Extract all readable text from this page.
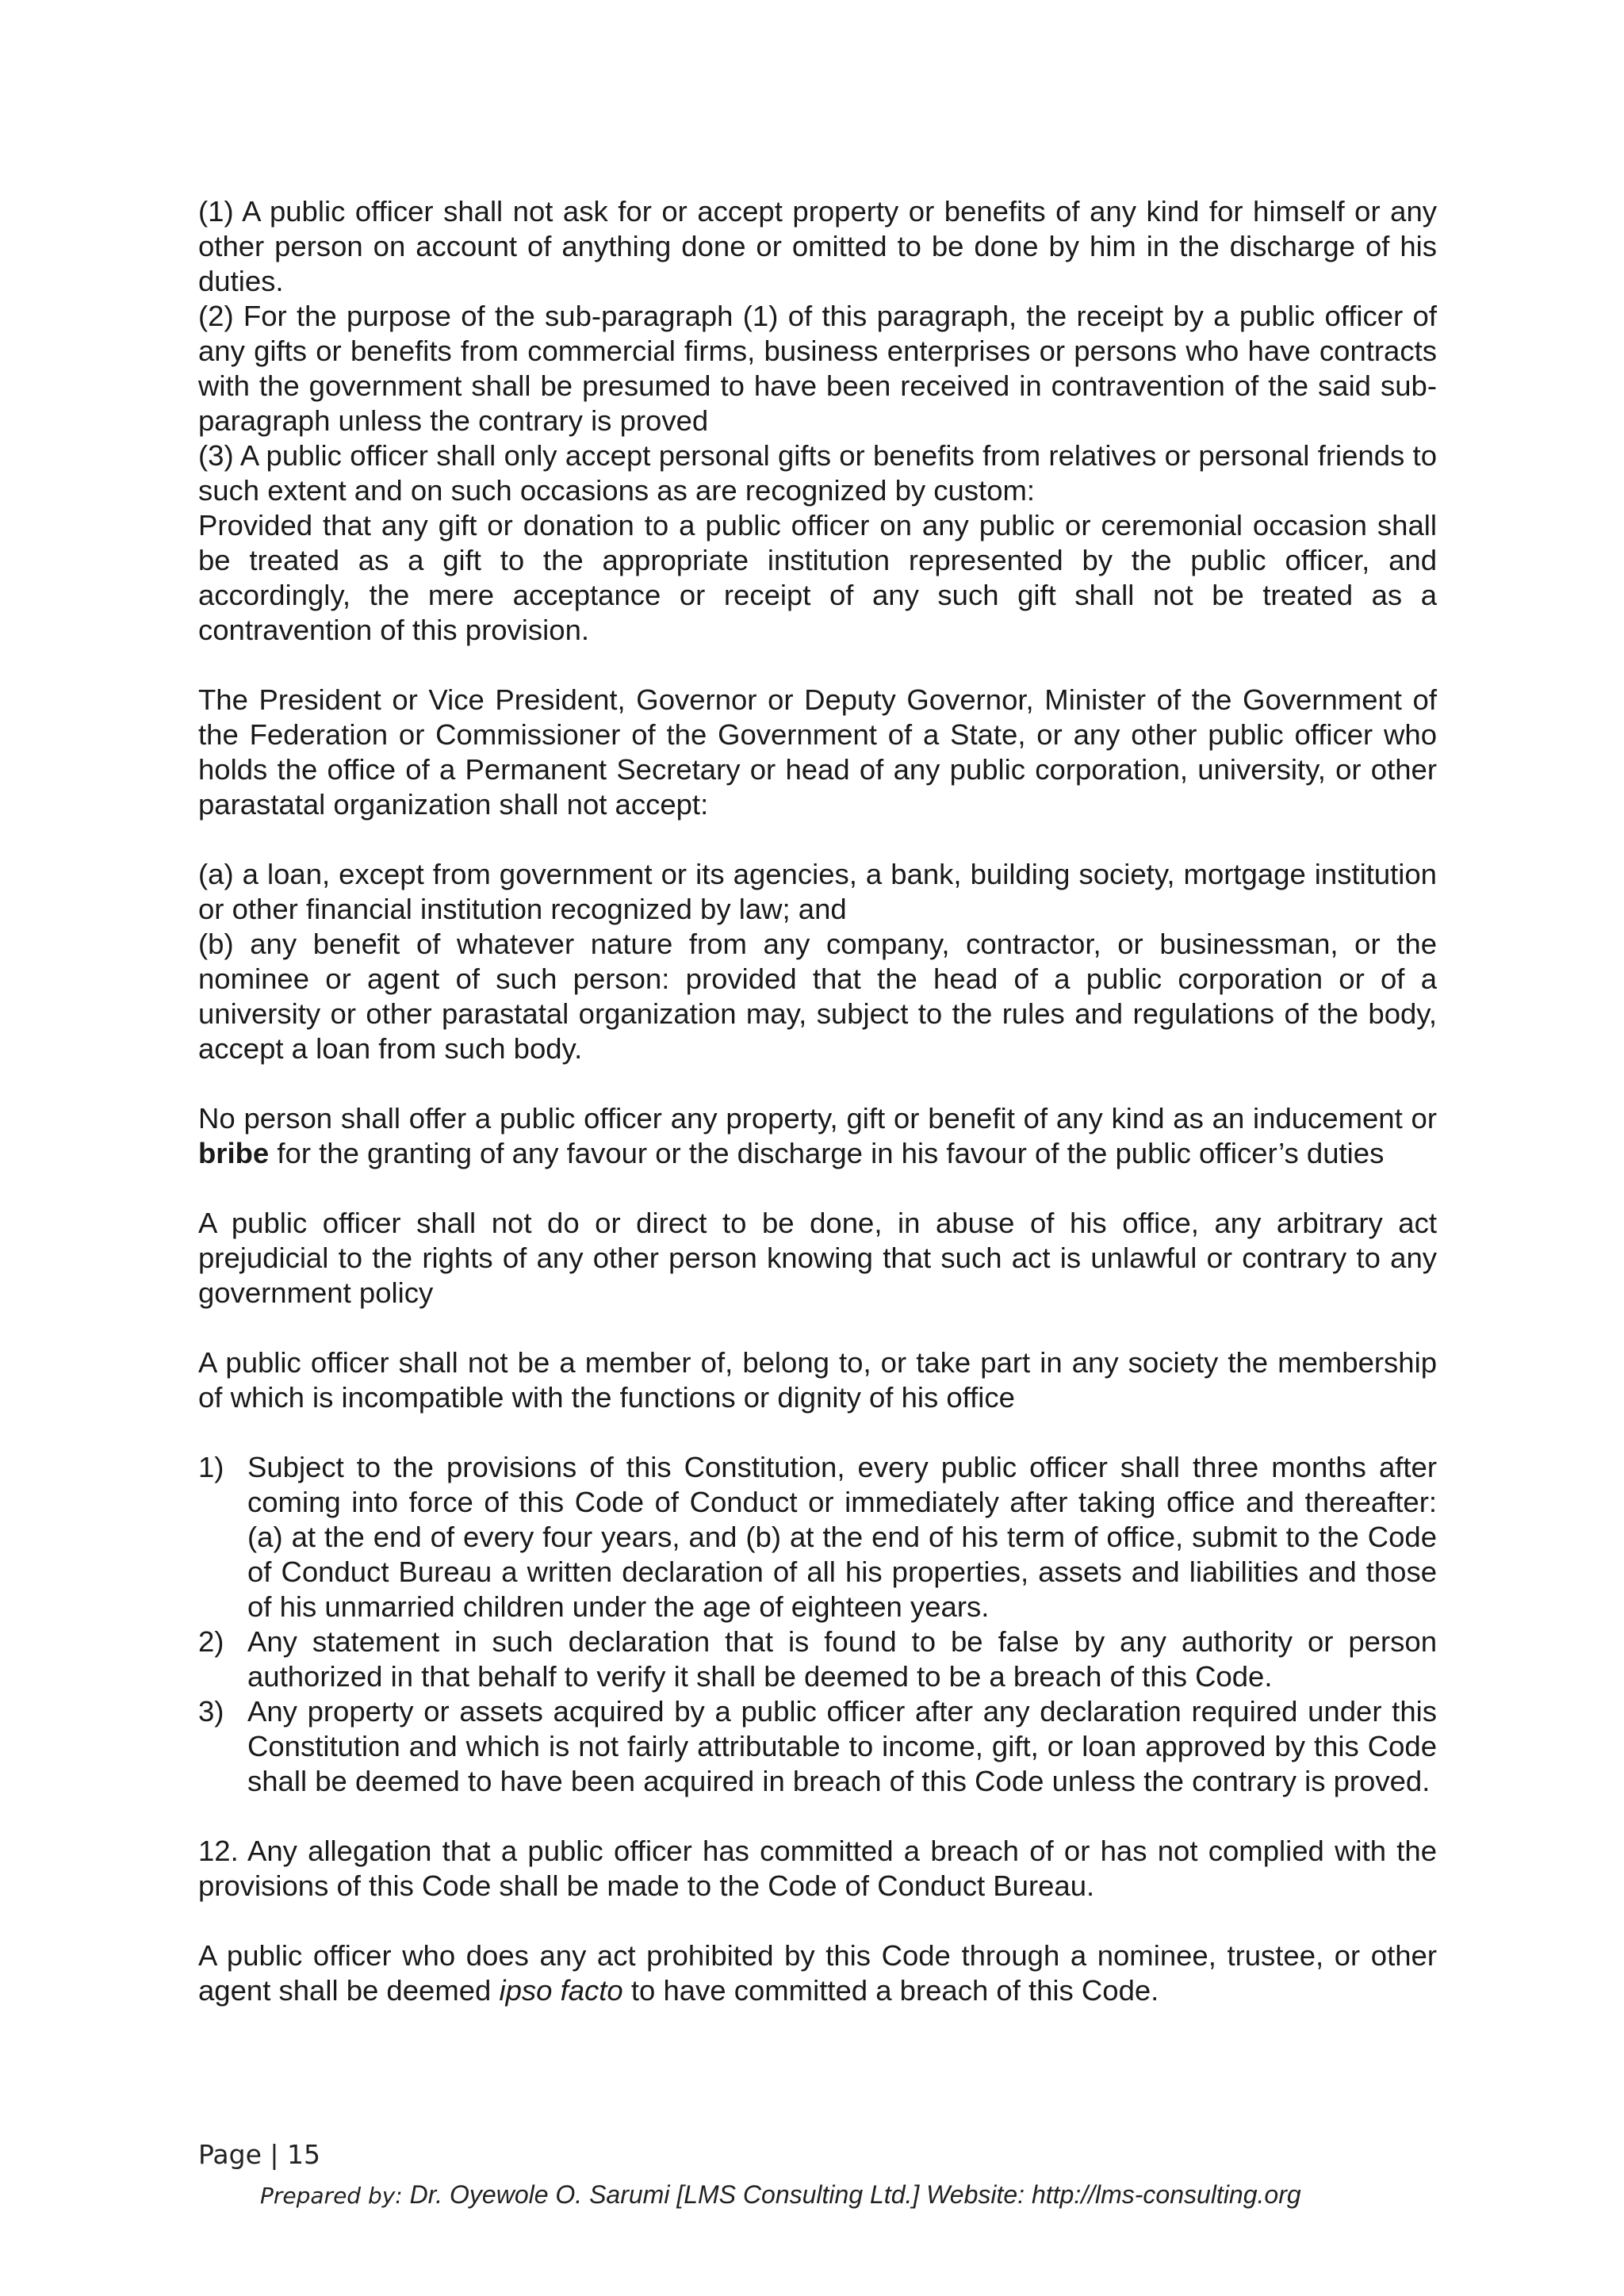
(1) A public officer shall not ask for or accept property or benefits of any kind for himself or any other person on account of anything done or omitted to be done by him in the discharge of his duties.

(2) For the purpose of the sub-paragraph (1) of this paragraph, the receipt by a public officer of any gifts or benefits from commercial firms, business enterprises or persons who have contracts with the government shall be presumed to have been received in contravention of the said sub-paragraph unless the contrary is proved

(3) A public officer shall only accept personal gifts or benefits from relatives or personal friends to such extent and on such occasions as are recognized by custom:

Provided that any gift or donation to a public officer on any public or ceremonial occasion shall be treated as a gift to the appropriate institution represented by the public officer, and accordingly, the mere acceptance or receipt of any such gift shall not be treated as a contravention of this provision.

The President or Vice President, Governor or Deputy Governor, Minister of the Government of the Federation or Commissioner of the Government of a State, or any other public officer who holds the office of a Permanent Secretary or head of any public corporation, university, or other parastatal organization shall not accept:

(a) a loan, except from government or its agencies, a bank, building society, mortgage institution or other financial institution recognized by law; and

(b) any benefit of whatever nature from any company, contractor, or businessman, or the nominee or agent of such person: provided that the head of a public corporation or of a university or other parastatal organization may, subject to the rules and regulations of the body, accept a loan from such body.

No person shall offer a public officer any property, gift or benefit of any kind as an inducement or bribe for the granting of any favour or the discharge in his favour of the public officer’s duties

A public officer shall not do or direct to be done, in abuse of his office, any arbitrary act prejudicial to the rights of any other person knowing that such act is unlawful or contrary to any government policy

A public officer shall not be a member of, belong to, or take part in any society the membership of which is incompatible with the functions or dignity of his office

1) Subject to the provisions of this Constitution, every public officer shall three months after coming into force of this Code of Conduct or immediately after taking office and thereafter: (a) at the end of every four years, and (b) at the end of his term of office, submit to the Code of Conduct Bureau a written declaration of all his properties, assets and liabilities and those of his unmarried children under the age of eighteen years.
2) Any statement in such declaration that is found to be false by any authority or person authorized in that behalf to verify it shall be deemed to be a breach of this Code.
3) Any property or assets acquired by a public officer after any declaration required under this Constitution and which is not fairly attributable to income, gift, or loan approved by this Code shall be deemed to have been acquired in breach of this Code unless the contrary is proved.

12. Any allegation that a public officer has committed a breach of or has not complied with the provisions of this Code shall be made to the Code of Conduct Bureau.

A public officer who does any act prohibited by this Code through a nominee, trustee, or other agent shall be deemed ipso facto to have committed a breach of this Code.

Page | 15
Prepared by: Dr. Oyewole O. Sarumi [LMS Consulting Ltd.] Website: http://lms-consulting.org
